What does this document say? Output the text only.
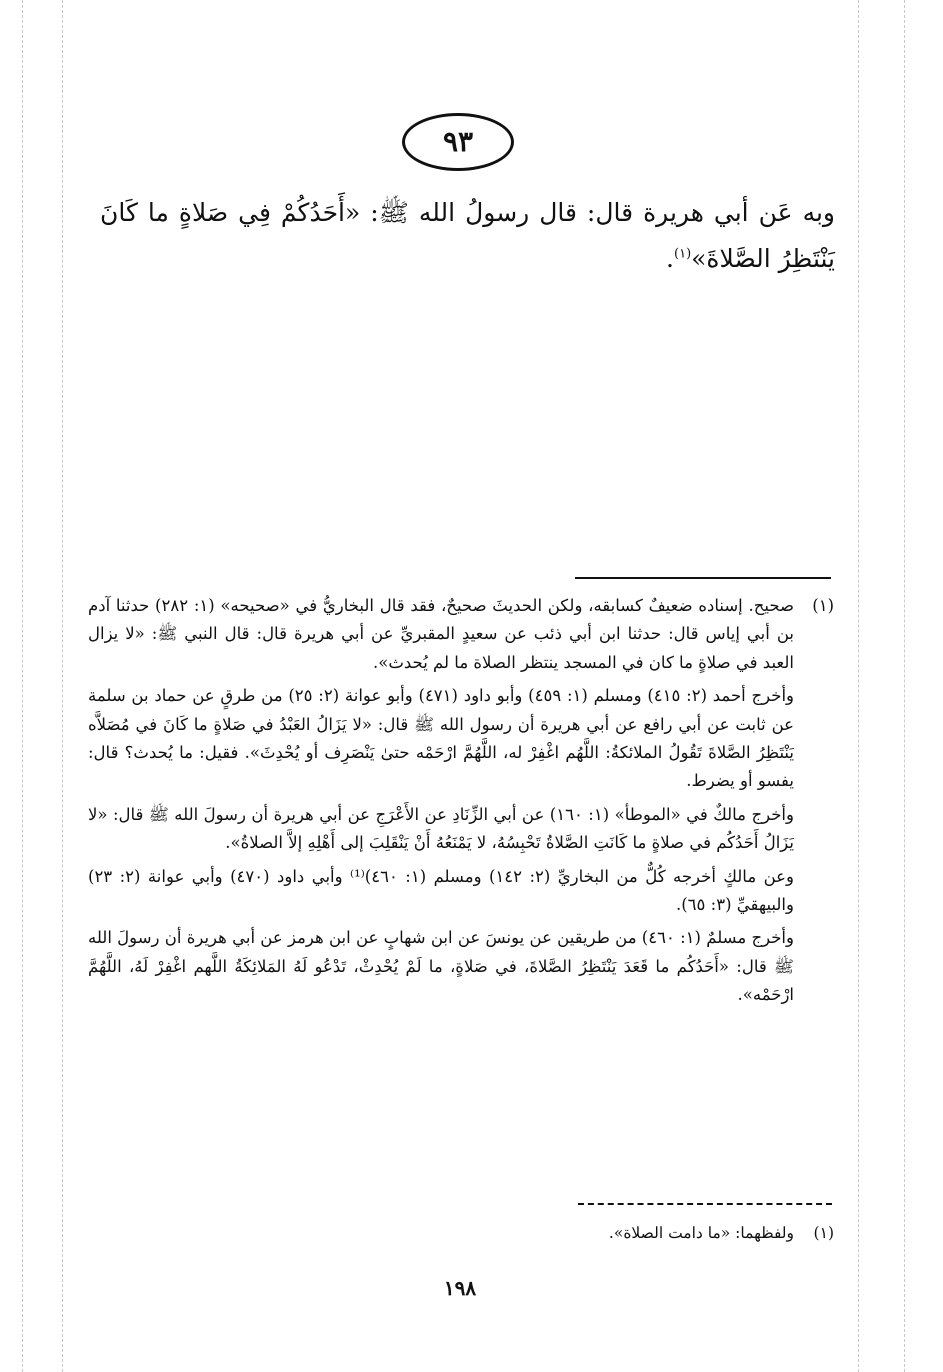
٩٣
وبه عَن أبي هريرة قال: قال رسولُ الله ﷺ: «أَحَدُكُمْ فِي صَلاةٍ ما كَانَ يَنْتَظِرُ الصَّلاةَ»$^{(١)}$.
(١)

صحيح. إسناده ضعيفٌ كسابقه، ولكن الحديثَ صحيحٌ، فقد قال البخاريُّ في «صحيحه» (١: ٢٨٢) حدثنا آدم بن أبي إياس قال: حدثنا ابن أبي ذئب عن سعيدٍ المقبريِّ عن أبي هريرة قال: قال النبي ﷺ: «لا يزال العبد في صلاةٍ ما كان في المسجد ينتظر الصلاة ما لم يُحدث».

وأخرج أحمد (٢: ٤١٥) ومسلم (١: ٤٥٩) وأبو داود (٤٧١) وأبو عوانة (٢: ٢٥) من طرقٍ عن حماد بن سلمة عن ثابت عن أبي رافع عن أبي هريرة أن رسول الله ﷺ قال: «لا يَزَالُ العَبْدُ في صَلاةٍ ما كَانَ في مُصَلاَّه يَنْتَظِرُ الصَّلاةَ تَقُولُ الملائكةُ: اللَّهُم اغْفِرْ له، اللَّهُمَّ ارْحَمْه حتىٰ يَنْصَرِف أو يُحْدِثَ». فقيل: ما يُحدث؟ قال: يفسو أو يضرط.

وأخرج مالكٌ في «الموطأ» (١: ١٦٠) عن أبي الزِّنَادِ عن الأَعْرَجِ عن أبي هريرة أن رسولَ الله ﷺ قال: «لا يَزَالُ أَحَدُكُم في صلاةٍ ما كَانَتِ الصَّلاةُ تَحْبِسُهُ، لا يَمْنَعُهُ أَنْ يَنْقَلِبَ إلى أَهْلِهِ إلاَّ الصلاةُ».

وعن مالكٍ أخرجه كُلٌّ من البخاريِّ (٢: ١٤٢) ومسلم (١: ٤٦٠)⁽¹⁾ وأبي داود (٤٧٠) وأبي عوانة (٢: ٢٣) والبيهقيِّ (٣: ٦٥).

وأخرج مسلمٌ (١: ٤٦٠) من طريقين عن يونسَ عن ابن شهابٍ عن ابن هرمز عن أبي هريرة أن رسولَ الله ﷺ قال: «أَحَدُكُم ما قَعَدَ يَنْتَظِرُ الصَّلاةَ، في صَلاةٍ، ما لَمْ يُحْدِثْ، تَدْعُو لَهُ المَلائِكَةُ اللَّهم اغْفِرْ لَهُ، اللَّهُمَّ ارْحَمْه».

(١)
ولفظهما: «ما دامت الصلاة».
١٩٨
